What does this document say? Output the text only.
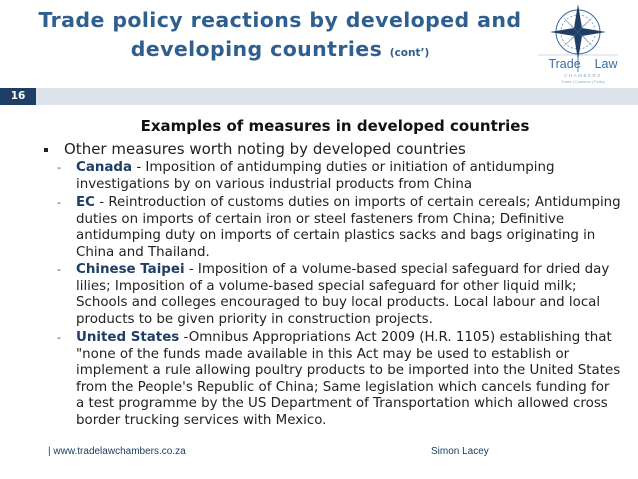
Trade policy reactions by developed and
developing countries (cont’)
Trade Law
CHAMBERS
Trade | Customs | Policy
16
Examples of measures in developed countries
Other measures worth noting by developed countries
- Canada - Imposition of antidumping duties or initiation of antidumping investigations by on various industrial products from China
- EC - Reintroduction of customs duties on imports of certain cereals; Antidumping duties on imports of certain iron or steel fasteners from China; Definitive antidumping duty on imports of certain plastics sacks and bags originating in China and Thailand.
- Chinese Taipei - Imposition of a volume-based special safeguard for dried day lilies; Imposition of a volume-based special safeguard for other liquid milk; Schools and colleges encouraged to buy local products. Local labour and local products to be given priority in construction projects.
- United States -Omnibus Appropriations Act 2009 (H.R. 1105) establishing that "none of the funds made available in this Act may be used to establish or implement a rule allowing poultry products to be imported into the United States from the People's Republic of China; Same legislation which cancels funding for a test programme by the US Department of Transportation which allowed cross border trucking services with Mexico.
| www.tradelawchambers.co.za	Simon Lacey
